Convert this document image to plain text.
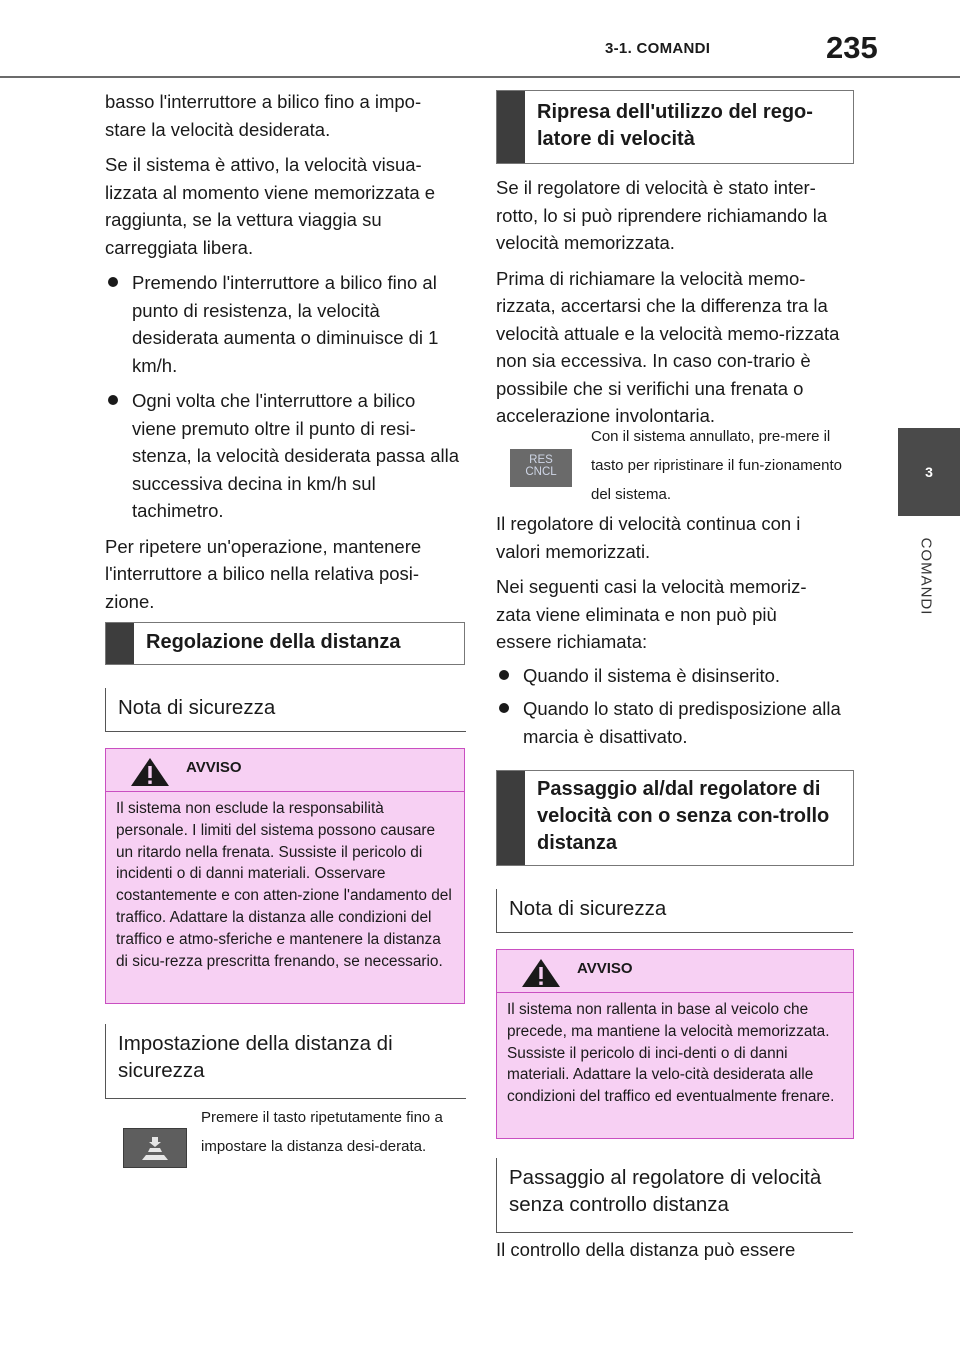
3-1. COMANDI	235
3
COMANDI

basso l'interruttore a bilico fino a impo-stare la velocità desiderata.

Se il sistema è attivo, la velocità visua-lizzata al momento viene memorizzata e raggiunta, se la vettura viaggia su carreggiata libera.

Premendo l'interruttore a bilico fino al punto di resistenza, la velocità desiderata aumenta o diminuisce di 1 km/h.

Ogni volta che l'interruttore a bilico viene premuto oltre il punto di resi-stenza, la velocità desiderata passa alla successiva decina in km/h sul tachimetro.

Per ripetere un'operazione, mantenere l'interruttore a bilico nella relativa posi-zione.

Regolazione della distanza
Nota di sicurezza
AVVISO
Il sistema non esclude la responsabilità personale. I limiti del sistema possono causare un ritardo nella frenata. Sussiste il pericolo di incidenti o di danni materiali. Osservare costantemente e con atten-zione l'andamento del traffico. Adattare la distanza alle condizioni del traffico e atmo-sferiche e mantenere la distanza di sicu-rezza prescritta frenando, se necessario.
Impostazione della distanza di sicurezza
Premere il tasto ripetutamente fino a impostare la distanza desi-derata.
Ripresa dell'utilizzo del rego-latore di velocità

Se il regolatore di velocità è stato inter-rotto, lo si può riprendere richiamando la velocità memorizzata.

Prima di richiamare la velocità memo-rizzata, accertarsi che la differenza tra la velocità attuale e la velocità memo-rizzata non sia eccessiva. In caso con-trario è possibile che si verifichi una frenata o accelerazione involontaria.

RES
CNCL
Con il sistema annullato, pre-mere il tasto per ripristinare il fun-zionamento del sistema.

Il regolatore di velocità continua con i valori memorizzati.

Nei seguenti casi la velocità memoriz-zata viene eliminata e non può più essere richiamata:

Quando il sistema è disinserito.

Quando lo stato di predisposizione alla marcia è disattivato.

Passaggio al/dal regolatore di velocità con o senza con-trollo distanza
Nota di sicurezza
AVVISO
Il sistema non rallenta in base al veicolo che precede, ma mantiene la velocità memorizzata. Sussiste il pericolo di inci-denti o di danni materiali. Adattare la velo-cità desiderata alle condizioni del traffico ed eventualmente frenare.
Passaggio al regolatore di velocità senza controllo distanza

Il controllo della distanza può essere
